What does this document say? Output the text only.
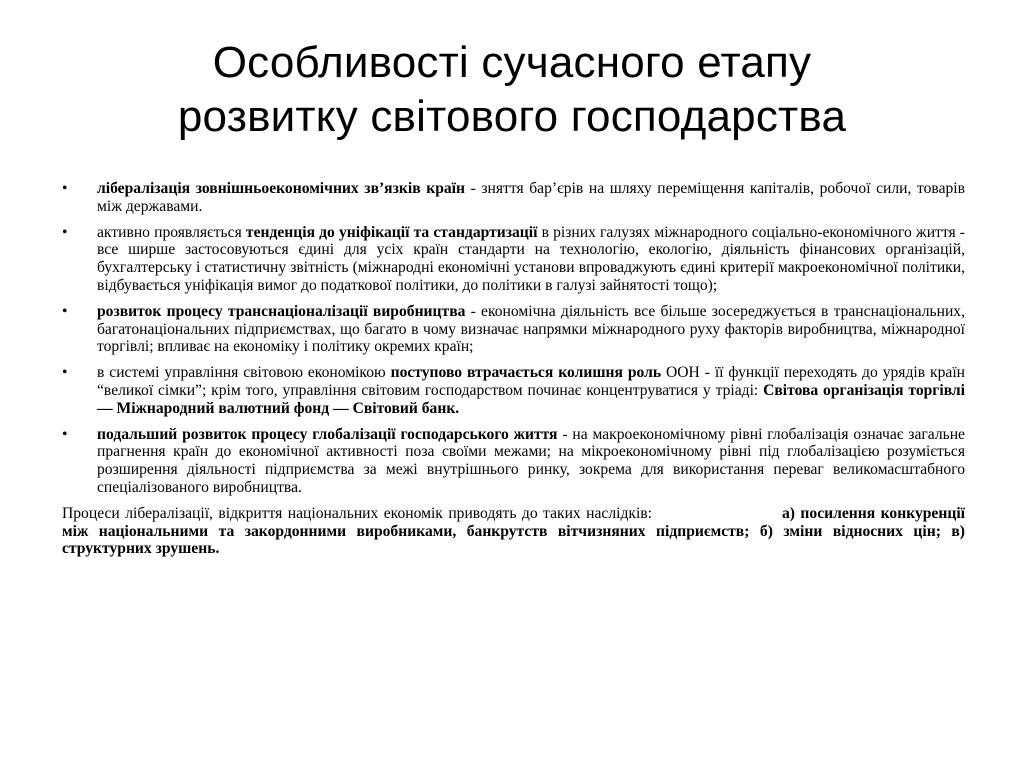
Особливості сучасного етапу
розвитку світового господарства
• лібералізація зовнішньоекономічних зв’язків країн - зняття бар’єрів на шляху переміщення капіталів, робочої сили, товарів між державами.
• активно проявляється тенденція до уніфікації та стандартизації в різних галузях міжнародного соціально-економічного життя - все ширше застосовуються єдині для усіх країн стандарти на технологію, екологію, діяльність фінансових організацій, бухгалтерську і статистичну звітність (міжнародні економічні установи впроваджують єдині критерії макроекономічної політики, відбувається уніфікація вимог до податкової політики, до політики в галузі зайнятості тощо);
• розвиток процесу транснаціоналізації виробництва - економічна діяльність все більше зосереджується в транснаціональних, багатонаціональних підприємствах, що багато в чому визначає напрямки міжнародного руху факторів виробництва, міжнародної торгівлі; впливає на економіку і політику окремих країн;
• в системі управління світовою економікою поступово втрачається колишня роль ООН - її функції переходять до урядів країн “великої сімки”; крім того, управління світовим господарством починає концентруватися у тріаді: Світова організація торгівлі — Міжнародний валютний фонд — Світовий банк.
• подальший розвиток процесу глобалізації господарського життя - на макроекономічному рівні глобалізація означає загальне прагнення країн до економічної активності поза своїми межами; на мікроекономічному рівні під глобалізацією розуміється розширення діяльності підприємства за межі внутрішнього ринку, зокрема для використання переваг великомасштабного спеціалізованого виробництва.

Процеси лібералізації, відкриття національних економік приводять до таких наслідків:	а) посилення конкуренції між національними та закордонними виробниками, банкрутств вітчизняних підприємств; б) зміни відносних цін; в) структурних зрушень.
